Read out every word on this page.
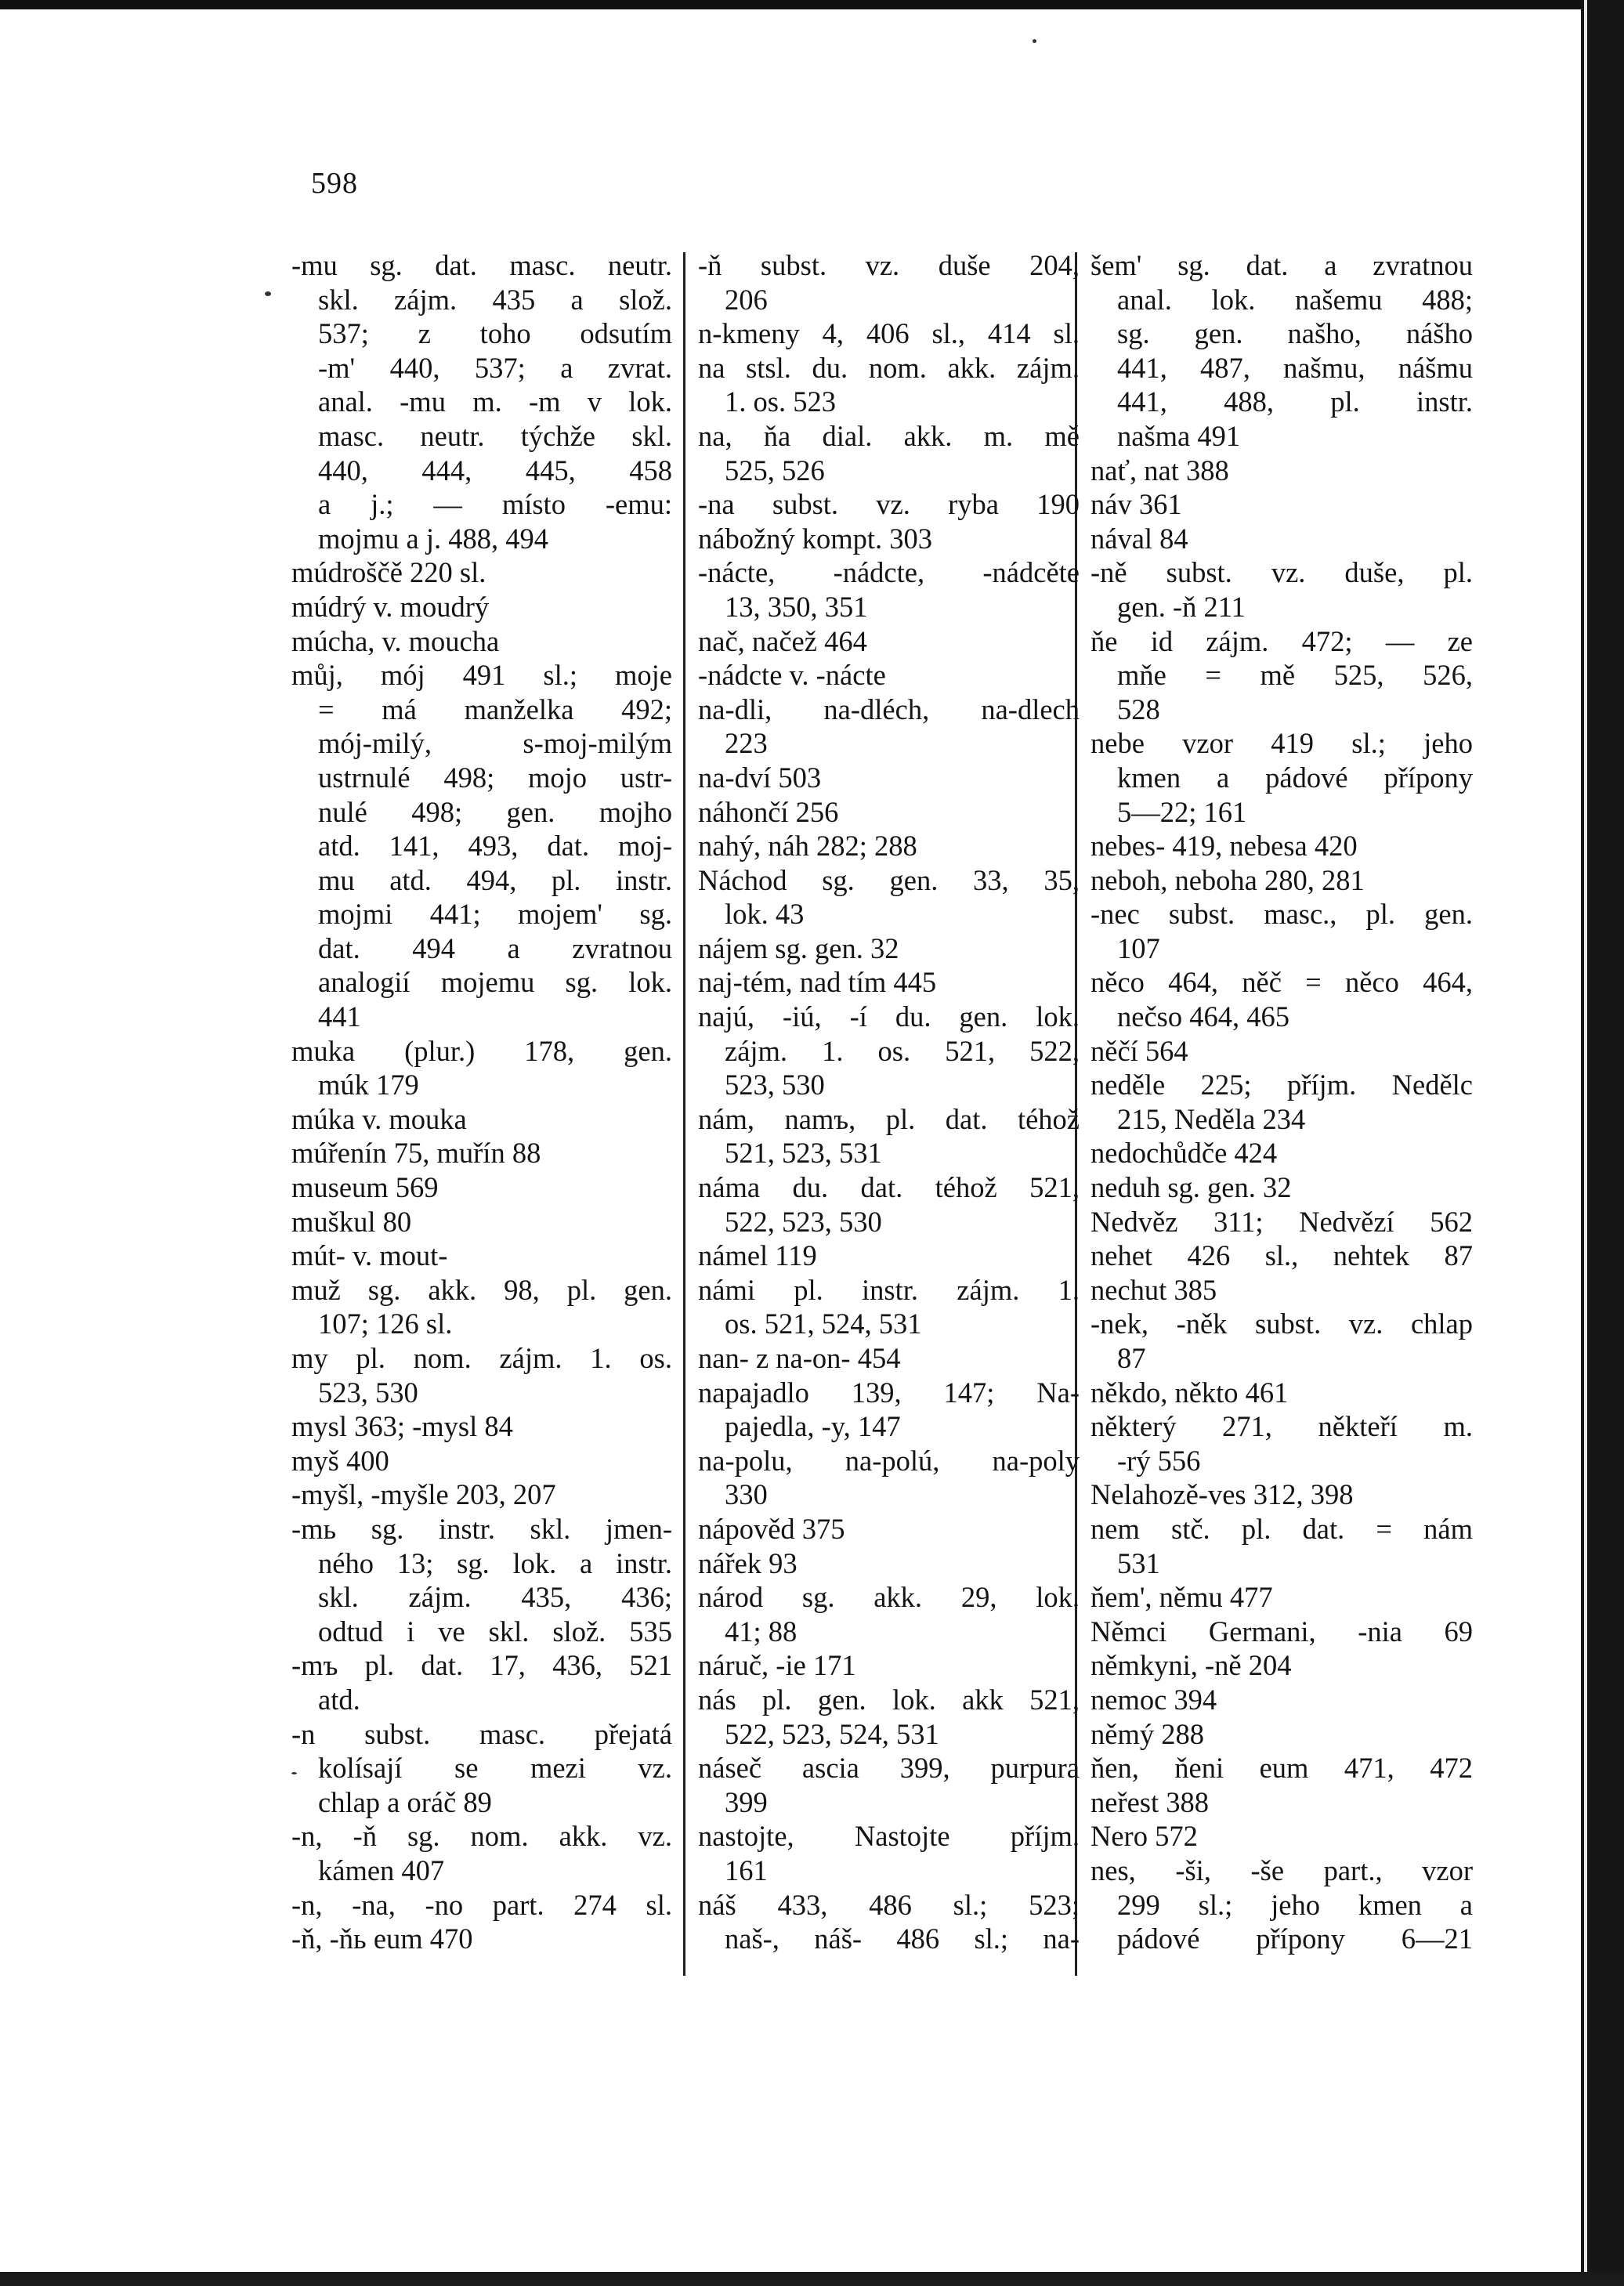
598
-mu sg. dat. masc. neutr.
skl. zájm. 435 a slož.
537; z toho odsutím
-m' 440, 537; a zvrat.
anal. -mu m. -m v lok.
masc. neutr. týchže skl.
440, 444, 445, 458
a j.; — místo -emu:
mojmu a j. 488, 494
múdroščě 220 sl.
múdrý v. moudrý
múcha, v. moucha
můj, mój 491 sl.; moje
= má manželka 492;
mój-milý, s-moj-milým
ustrnulé 498; mojo ustr-
nulé 498; gen. mojho
atd. 141, 493, dat. moj-
mu atd. 494, pl. instr.
mojmi 441; mojem' sg.
dat. 494 a zvratnou
analogií mojemu sg. lok.
441
muka (plur.) 178, gen.
múk 179
múka v. mouka
múřenín 75, muřín 88
museum 569
muškul 80
mút- v. mout-
muž sg. akk. 98, pl. gen.
107; 126 sl.
my pl. nom. zájm. 1. os.
523, 530
mysl 363; -mysl 84
myš 400
-myšl, -myšle 203, 207
-mь sg. instr. skl. jmen-
ného 13; sg. lok. a instr.
skl. zájm. 435, 436;
odtud i ve skl. slož. 535
-mъ pl. dat. 17, 436, 521
atd.
-n subst. masc. přejatá
kolísají se mezi vz.
chlap a oráč 89
-n, -ň sg. nom. akk. vz.
kámen 407
-n, -na, -no part. 274 sl.
-ň, -ňь eum 470
-ň subst. vz. duše 204,
206
n-kmeny 4, 406 sl., 414 sl.
na stsl. du. nom. akk. zájm.
1. os. 523
na, ňa dial. akk. m. mě
525, 526
-na subst. vz. ryba 190
nábožný kompt. 303
-nácte, -nádcte, -nádcěte
13, 350, 351
nač, načež 464
-nádcte v. -nácte
na-dli, na-dléch, na-dlech
223
na-dví 503
náhončí 256
nahý, náh 282; 288
Náchod sg. gen. 33, 35,
lok. 43
nájem sg. gen. 32
naj-tém, nad tím 445
najú, -iú, -í du. gen. lok.
zájm. 1. os. 521, 522,
523, 530
nám, namъ, pl. dat. téhož
521, 523, 531
náma du. dat. téhož 521,
522, 523, 530
námel 119
námi pl. instr. zájm. 1.
os. 521, 524, 531
nan- z na-on- 454
napajadlo 139, 147; Na-
pajedla, -y, 147
na-polu, na-polú, na-poly
330
nápověd 375
nářek 93
národ sg. akk. 29, lok.
41; 88
náruč, -ie 171
nás pl. gen. lok. akk 521,
522, 523, 524, 531
náseč ascia 399, purpura
399
nastojte, Nastojte příjm.
161
náš 433, 486 sl.; 523;
naš-, náš- 486 sl.; na-
šem' sg. dat. a zvratnou
anal. lok. našemu 488;
sg. gen. našho, nášho
441, 487, našmu, nášmu
441, 488, pl. instr.
našma 491
nať, nat 388
náv 361
nával 84
-ně subst. vz. duše, pl.
gen. -ň 211
ňe id zájm. 472; — ze
mňe = mě 525, 526,
528
nebe vzor 419 sl.; jeho
kmen a pádové přípony
5—22; 161
nebes- 419, nebesa 420
neboh, neboha 280, 281
-nec subst. masc., pl. gen.
107
něco 464, něč = něco 464,
nečso 464, 465
něčí 564
neděle 225; příjm. Nedělc
215, Neděla 234
nedochůdče 424
neduh sg. gen. 32
Nedvěz 311; Nedvězí 562
nehet 426 sl., nehtek 87
nechut 385
-nek, -něk subst. vz. chlap
87
někdo, někto 461
některý 271, někteří m.
-rý 556
Nelahozě-ves 312, 398
nem stč. pl. dat. = nám
531
ňem', němu 477
Němci Germani, -nia 69
němkyni, -ně 204
nemoc 394
němý 288
ňen, ňeni eum 471, 472
neřest 388
Nero 572
nes, -ši, -še part., vzor
299 sl.; jeho kmen a
pádové přípony 6—21
